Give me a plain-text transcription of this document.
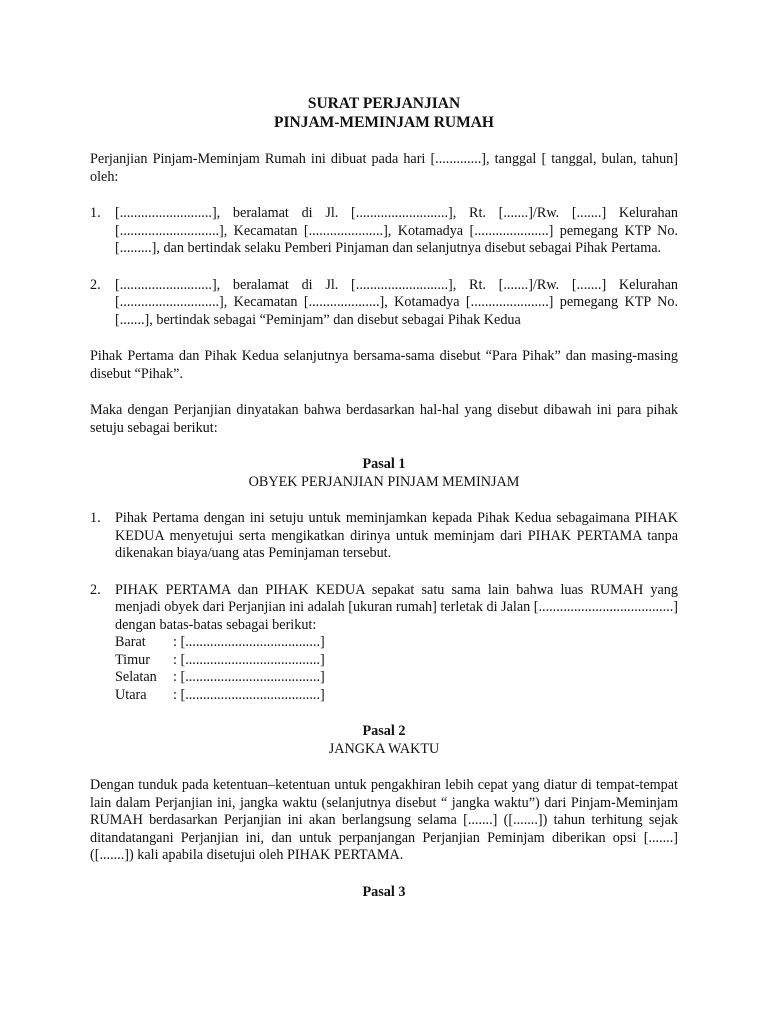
SURAT PERJANJIAN
PINJAM-MEMINJAM RUMAH
Perjanjian Pinjam-Meminjam Rumah ini dibuat pada hari [.............], tanggal [ tanggal, bulan, tahun] oleh:
1. [..........................], beralamat di Jl. [..........................], Rt. [.......]/Rw. [.......] Kelurahan [............................], Kecamatan [.....................], Kotamadya [.....................] pemegang KTP No. [.........], dan bertindak selaku Pemberi Pinjaman dan selanjutnya disebut sebagai Pihak Pertama.
2. [..........................], beralamat di Jl. [..........................], Rt. [.......]/Rw. [.......] Kelurahan [............................], Kecamatan [....................], Kotamadya [......................] pemegang KTP No. [.......], bertindak sebagai “Peminjam” dan disebut sebagai Pihak Kedua
Pihak Pertama dan Pihak Kedua selanjutnya bersama-sama disebut “Para Pihak” dan masing-masing disebut “Pihak”.
Maka dengan Perjanjian dinyatakan bahwa berdasarkan hal-hal yang disebut dibawah ini para pihak setuju sebagai berikut:
Pasal 1
OBYEK PERJANJIAN PINJAM MEMINJAM
1. Pihak Pertama dengan ini setuju untuk meminjamkan kepada Pihak Kedua sebagaimana PIHAK KEDUA menyetujui serta mengikatkan dirinya untuk meminjam dari PIHAK PERTAMA tanpa dikenakan biaya/uang atas Peminjaman tersebut.
2. PIHAK PERTAMA dan PIHAK KEDUA sepakat satu sama lain bahwa luas RUMAH yang menjadi obyek dari Perjanjian ini adalah [ukuran rumah] terletak di Jalan [......................................] dengan batas-batas sebagai berikut:
Barat	: [......................................]
Timur	: [......................................]
Selatan	: [......................................]
Utara	: [......................................]
Pasal 2
JANGKA WAKTU
Dengan tunduk pada ketentuan–ketentuan untuk pengakhiran lebih cepat yang diatur di tempat-tempat lain dalam Perjanjian ini, jangka waktu (selanjutnya disebut “ jangka waktu”) dari Pinjam-Meminjam RUMAH berdasarkan Perjanjian ini akan berlangsung selama [.......] ([.......]) tahun terhitung sejak ditandatangani Perjanjian ini, dan untuk perpanjangan Perjanjian Peminjam diberikan opsi [.......] ([.......]) kali apabila disetujui oleh PIHAK PERTAMA.
Pasal 3
